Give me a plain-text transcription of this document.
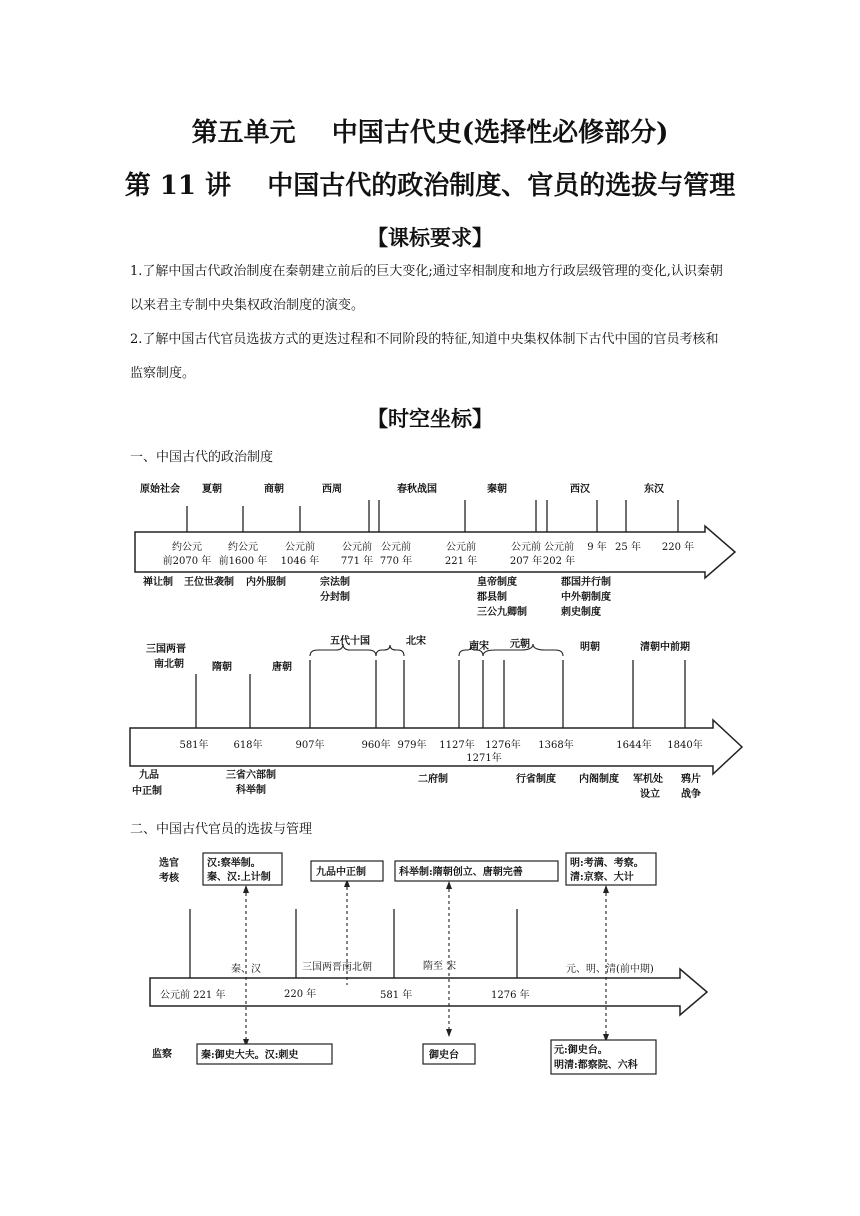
第五单元    中国古代史(选择性必修部分)
第 11 讲    中国古代的政治制度、官员的选拔与管理
【课标要求】
1.了解中国古代政治制度在秦朝建立前后的巨大变化;通过宰相制度和地方行政层级管理的变化,认识秦朝以来君主专制中央集权政治制度的演变。
2.了解中国古代官员选拔方式的更迭过程和不同阶段的特征,知道中央集权体制下古代中国的官员考核和监察制度。
【时空坐标】
一、中国古代的政治制度
二、中国古代官员的选拔与管理
原始社会 夏朝	商朝	西周	春秋战国	秦朝	西汉	东汉
约公元
前2070 年
约公元
前1600 年
公元前
1046 年
公元前
771 年
公元前
770 年
公元前
221 年
公元前
207 年
公元前
202 年
9 年 25 年 220 年
禅让制 王位世袭制 内外服制	宗法制
分封制
皇帝制度
郡县制
三公九卿制
郡国并行制
中外朝制度
刺史制度
三国两晋
南北朝	隋朝	唐朝
五代十国	北宋	南宋 元朝	明朝	清朝中前期
581年 618年	907年	960年 979年 1127年
1271年
1276年 1368年	1644年 1840年
九品
中正制
三省六部制
科举制
二府制	行省制度 内阁制度 军机处
设立
鸦片
战争
选官
考核
监察
汉:察举制。
秦、汉:上计制	九品中正制	科举制:隋朝创立、唐朝完善
明:考满、考察。
清:京察、大计
秦:御史大夫。汉:刺史	御史台	元:御史台。
明清:都察院、六科
秦、汉	三国两晋南北朝	隋至 宋	元、明、清(前中期)
公元前 221 年	220 年	581 年	1276 年
